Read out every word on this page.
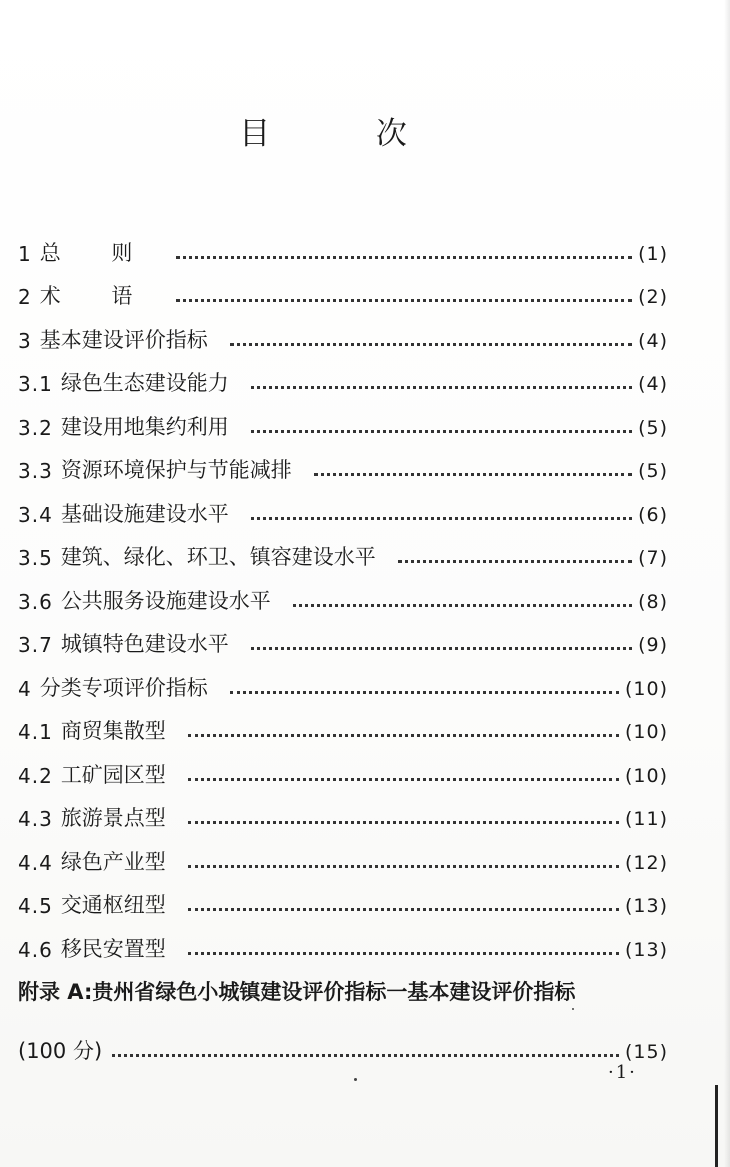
目 次
1 总 则	(1)
2 术 语	(2)
3 基本建设评价指标	(4)
3.1 绿色生态建设能力	(4)
3.2 建设用地集约利用	(5)
3.3 资源环境保护与节能减排	(5)
3.4 基础设施建设水平	(6)
3.5 建筑、绿化、环卫、镇容建设水平	(7)
3.6 公共服务设施建设水平	(8)
3.7 城镇特色建设水平	(9)
4 分类专项评价指标	(10)
4.1 商贸集散型	(10)
4.2 工矿园区型	(10)
4.3 旅游景点型	(11)
4.4 绿色产业型	(12)
4.5 交通枢纽型	(13)
4.6 移民安置型	(13)
附录 A:贵州省绿色小城镇建设评价指标一基本建设评价指标
(100 分)	(15)
·1·
